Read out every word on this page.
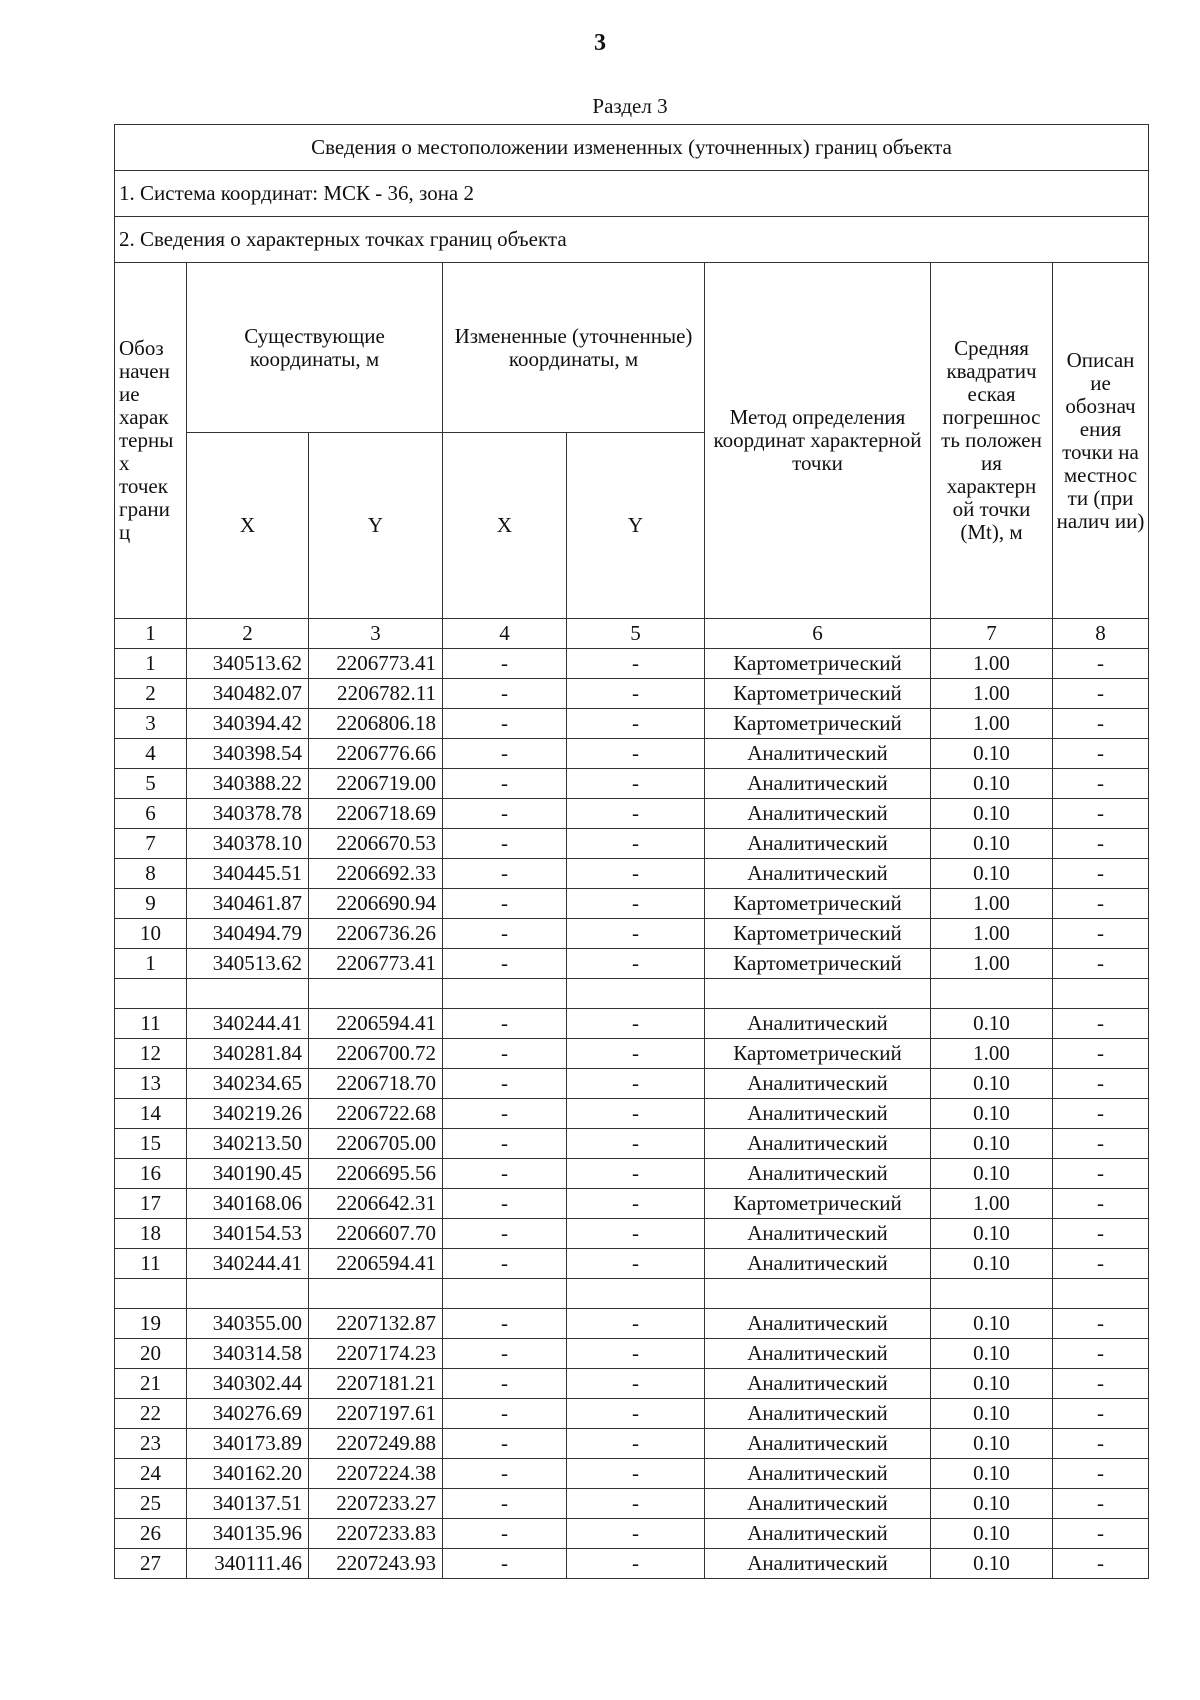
3
Раздел 3
Сведения о местоположении измененных (уточненных) границ объекта							
1. Система координат: МСК - 36, зона 2							
2. Сведения о характерных точках границ объекта							
Обоз начен ие харак терны х точек грани ц	Существующие координаты, м		Измененные (уточненные) координаты, м		Метод определения координат характерной точки	Средняя квадратич еская погрешнос ть положен ия характерн ой точки (Mt), м	Описан ие обознач ения точки на местнос ти (при налич ии)
	X	Y	X	Y			
1	2	3	4	5	6	7	8
1	340513.62	2206773.41	-	-	Картометрический	1.00	-
2	340482.07	2206782.11	-	-	Картометрический	1.00	-
3	340394.42	2206806.18	-	-	Картометрический	1.00	-
4	340398.54	2206776.66	-	-	Аналитический	0.10	-
5	340388.22	2206719.00	-	-	Аналитический	0.10	-
6	340378.78	2206718.69	-	-	Аналитический	0.10	-
7	340378.10	2206670.53	-	-	Аналитический	0.10	-
8	340445.51	2206692.33	-	-	Аналитический	0.10	-
9	340461.87	2206690.94	-	-	Картометрический	1.00	-
10	340494.79	2206736.26	-	-	Картометрический	1.00	-
1	340513.62	2206773.41	-	-	Картометрический	1.00	-

11	340244.41	2206594.41	-	-	Аналитический	0.10	-
12	340281.84	2206700.72	-	-	Картометрический	1.00	-
13	340234.65	2206718.70	-	-	Аналитический	0.10	-
14	340219.26	2206722.68	-	-	Аналитический	0.10	-
15	340213.50	2206705.00	-	-	Аналитический	0.10	-
16	340190.45	2206695.56	-	-	Аналитический	0.10	-
17	340168.06	2206642.31	-	-	Картометрический	1.00	-
18	340154.53	2206607.70	-	-	Аналитический	0.10	-
11	340244.41	2206594.41	-	-	Аналитический	0.10	-

19	340355.00	2207132.87	-	-	Аналитический	0.10	-
20	340314.58	2207174.23	-	-	Аналитический	0.10	-
21	340302.44	2207181.21	-	-	Аналитический	0.10	-
22	340276.69	2207197.61	-	-	Аналитический	0.10	-
23	340173.89	2207249.88	-	-	Аналитический	0.10	-
24	340162.20	2207224.38	-	-	Аналитический	0.10	-
25	340137.51	2207233.27	-	-	Аналитический	0.10	-
26	340135.96	2207233.83	-	-	Аналитический	0.10	-
27	340111.46	2207243.93	-	-	Аналитический	0.10	-
